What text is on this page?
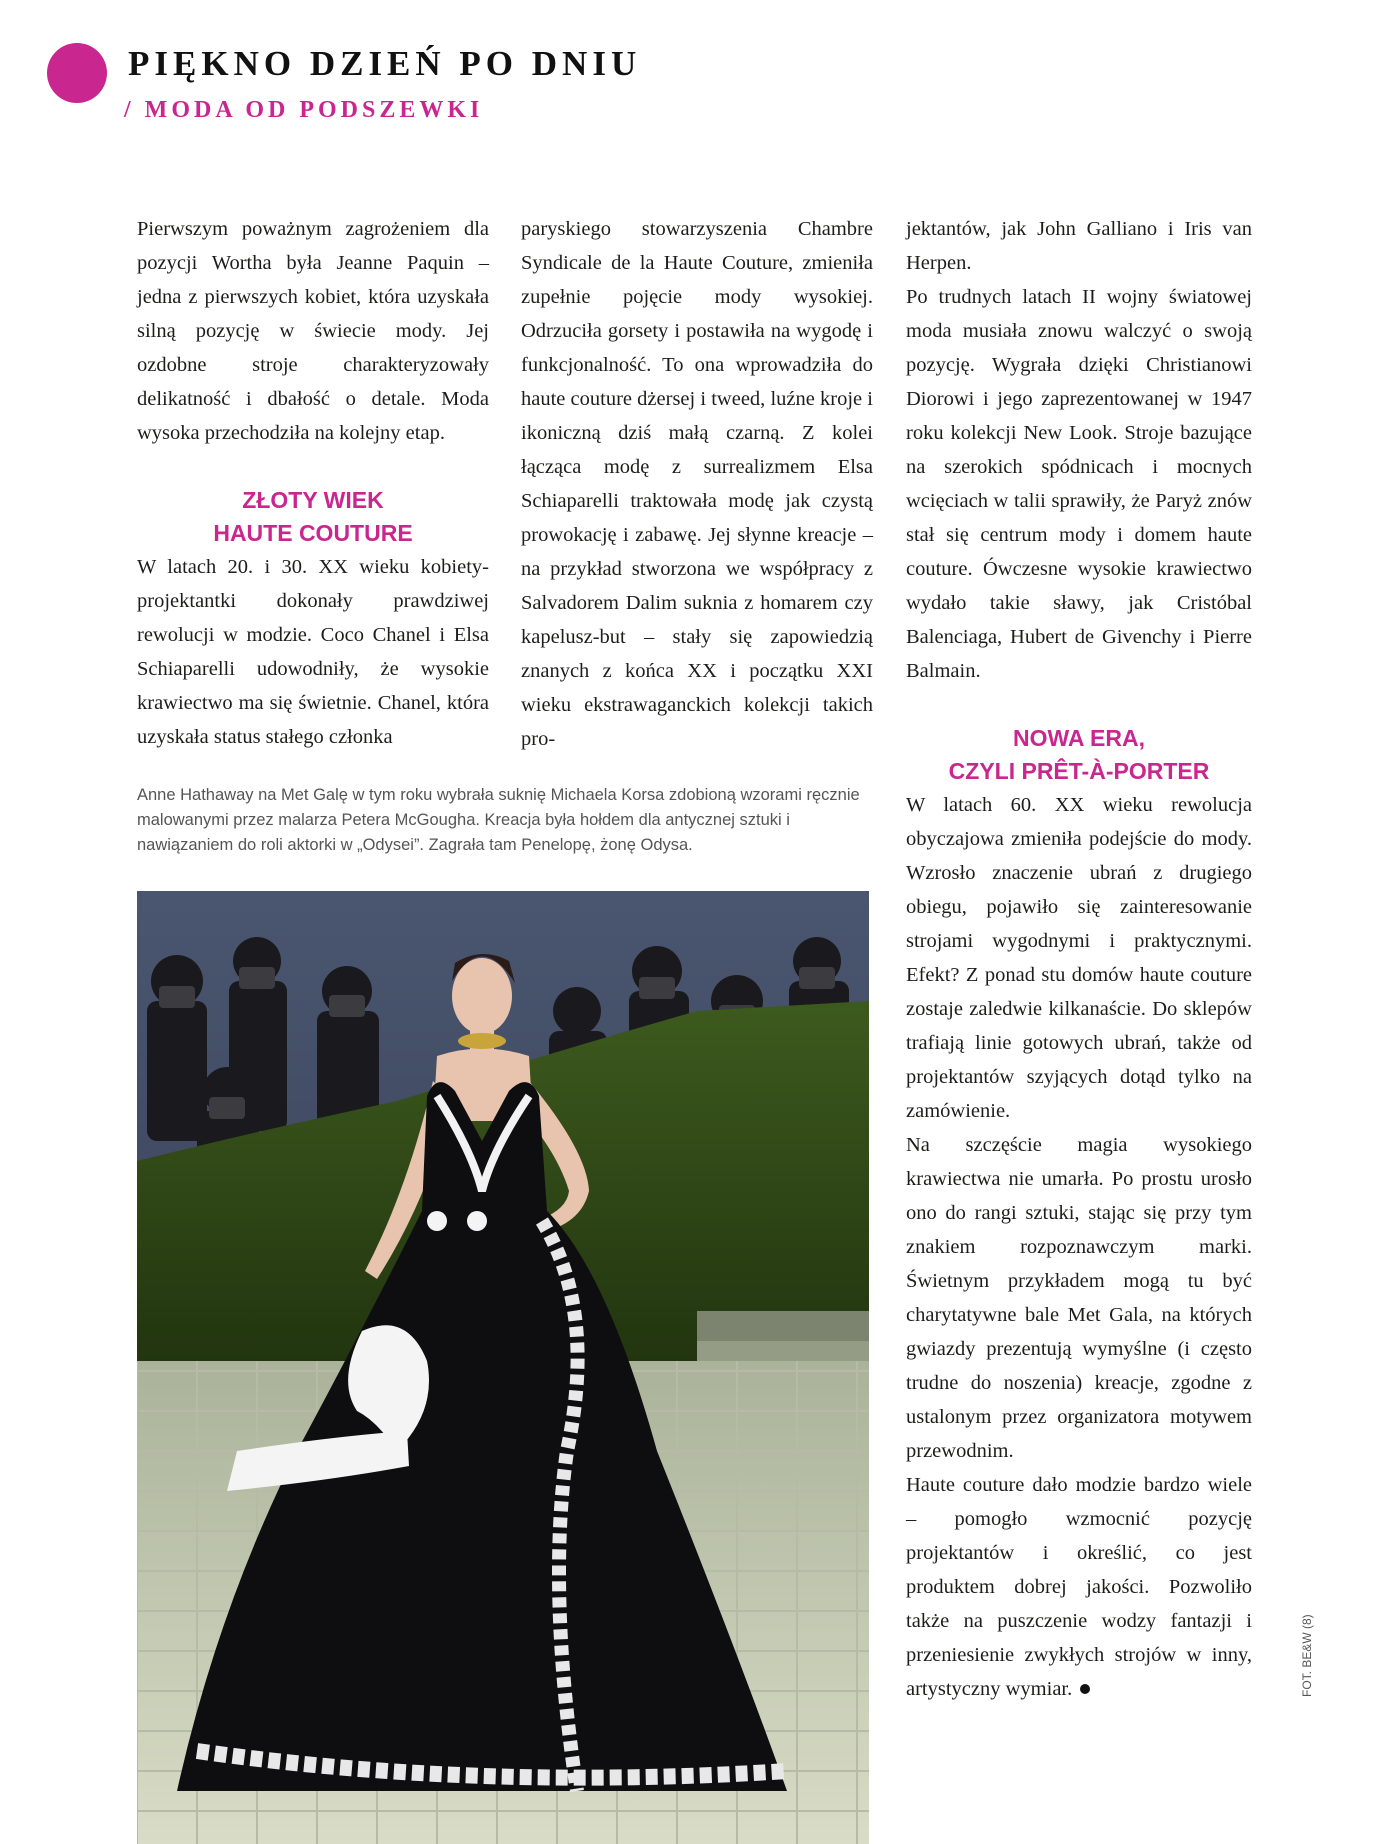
PIĘKNO DZIEŃ PO DNIU
/ MODA OD PODSZEWKI

Pierwszym poważnym zagrożeniem dla pozycji Wortha była Jeanne Paquin – jedna z pierwszych kobiet, która uzyskała silną pozycję w świecie mody. Jej ozdobne stroje charakteryzowały delikatność i dbałość o detale. Moda wysoka przechodziła na kolejny etap.

ZŁOTY WIEK
HAUTE COUTURE

W latach 20. i 30. XX wieku kobiety-projektantki dokonały prawdziwej rewolucji w modzie. Coco Chanel i Elsa Schiaparelli udowodniły, że wysokie krawiectwo ma się świetnie. Chanel, która uzyskała status stałego członka

paryskiego stowarzyszenia Chambre Syndicale de la Haute Couture, zmieniła zupełnie pojęcie mody wysokiej. Odrzuciła gorsety i postawiła na wygodę i funkcjonalność. To ona wprowadziła do haute couture dżersej i tweed, luźne kroje i ikoniczną dziś małą czarną. Z kolei łącząca modę z surrealizmem Elsa Schiaparelli traktowała modę jak czystą prowokację i zabawę. Jej słynne kreacje – na przykład stworzona we współpracy z Salvadorem Dalim suknia z homarem czy kapelusz-but – stały się zapowiedzią znanych z końca XX i początku XXI wieku ekstrawaganckich kolekcji takich pro-

jektantów, jak John Galliano i Iris van Herpen.

Po trudnych latach II wojny światowej moda musiała znowu walczyć o swoją pozycję. Wygrała dzięki Christianowi Diorowi i jego zaprezentowanej w 1947 roku kolekcji New Look. Stroje bazujące na szerokich spódnicach i mocnych wcięciach w talii sprawiły, że Paryż znów stał się centrum mody i domem haute couture. Ówczesne wysokie krawiectwo wydało takie sławy, jak Cristóbal Balenciaga, Hubert de Givenchy i Pierre Balmain.

NOWA ERA,
CZYLI PRÊT-À-PORTER

W latach 60. XX wieku rewolucja obyczajowa zmieniła podejście do mody. Wzrosło znaczenie ubrań z drugiego obiegu, pojawiło się zainteresowanie strojami wygodnymi i praktycznymi. Efekt? Z ponad stu domów haute couture zostaje zaledwie kilkanaście. Do sklepów trafiają linie gotowych ubrań, także od projektantów szyjących dotąd tylko na zamówienie.

Na szczęście magia wysokiego krawiectwa nie umarła. Po prostu urosło ono do rangi sztuki, stając się przy tym znakiem rozpoznawczym marki. Świetnym przykładem mogą tu być charytatywne bale Met Gala, na których gwiazdy prezentują wymyślne (i często trudne do noszenia) kreacje, zgodne z ustalonym przez organizatora motywem przewodnim.

Haute couture dało modzie bardzo wiele – pomogło wzmocnić pozycję projektantów i określić, co jest produktem dobrej jakości. Pozwoliło także na puszczenie wodzy fantazji i przeniesienie zwykłych strojów w inny, artystyczny wymiar.

Anne Hathaway na Met Galę w tym roku wybrała suknię Michaela Korsa zdobioną wzorami ręcznie malowanymi przez malarza Petera McGougha. Kreacja była hołdem dla antycznej sztuki i nawiązaniem do roli aktorki w „Odysei”. Zagrała tam Penelopę, żonę Odysa.

FOT. BE&W (8)
